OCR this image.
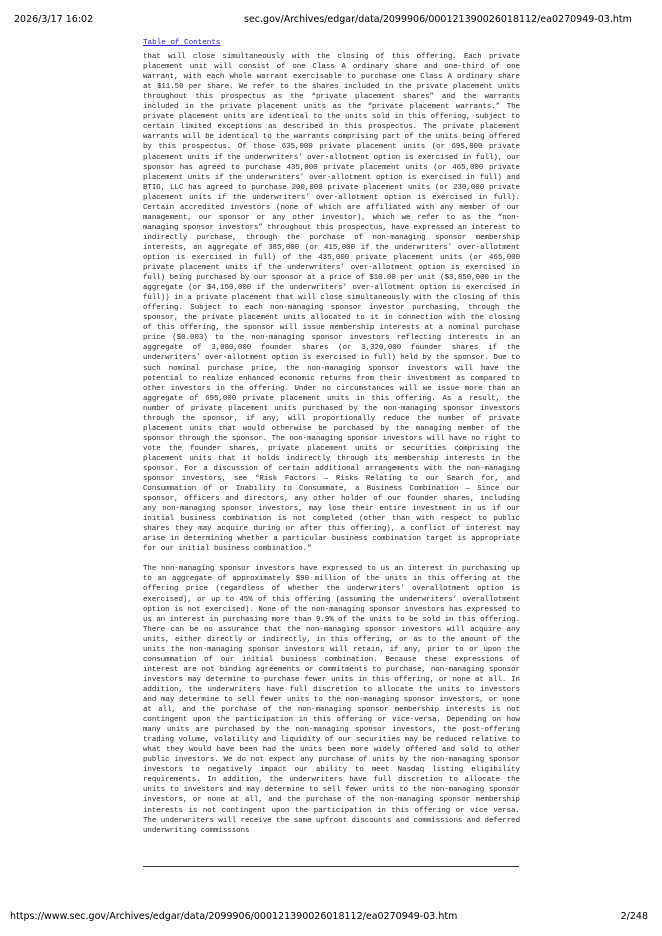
2026/3/17 16:02	sec.gov/Archives/edgar/data/2099906/000121390026018112/ea0270949-03.htm
Table of Contents

that will close simultaneously with the closing of this offering. Each private placement unit will consist of one Class A ordinary share and one-third of one warrant, with each whole warrant exercisable to purchase one Class A ordinary share at $11.50 per share. We refer to the shares included in the private placement units throughout this prospectus as the “private placement shares” and the warrants included in the private placement units as the “private placement warrants.” The private placement units are identical to the units sold in this offering, subject to certain limited exceptions as described in this prospectus. The private placement warrants will be identical to the warrants comprising part of the units being offered by this prospectus. Of those 635,000 private placement units (or 695,000 private placement units if the underwriters’ over-allotment option is exercised in full), our sponsor has agreed to purchase 435,000 private placement units (or 465,000 private placement units if the underwriters’ over-allotment option is exercised in full) and BTIG, LLC has agreed to purchase 200,000 private placement units (or 230,000 private placement units if the underwriters’ over-allotment option is exercised in full). Certain accredited investors (none of which are affiliated with any member of our management, our sponsor or any other investor), which we refer to as the “non-managing sponsor investors” throughout this prospectus, have expressed an interest to indirectly purchase, through the purchase of non-managing sponsor membership interests, an aggregate of 385,000 (or 415,000 if the underwriters’ over-allotment option is exercised in full) of the 435,000 private placement units (or 465,000 private placement units if the underwriters’ over-allotment option is exercised in full) being purchased by our sponsor at a price of $10.00 per unit ($3,850,000 in the aggregate (or $4,150,000 if the underwriters’ over-allotment option is exercised in full)) in a private placement that will close simultaneously with the closing of this offering. Subject to each non-managing sponsor investor purchasing, through the sponsor, the private placement units allocated to it in connection with the closing of this offering, the sponsor will issue membership interests at a nominal purchase price ($0.003) to the non-managing sponsor investors reflecting interests in an aggregate of 3,080,000 founder shares (or 3,320,000 founder shares if the underwriters’ over-allotment option is exercised in full) held by the sponsor. Due to such nominal purchase price, the non-managing sponsor investors will have the potential to realize enhanced economic returns from their investment as compared to other investors in the offering. Under no circumstances will we issue more than an aggregate of 695,000 private placement units in this offering. As a result, the number of private placement units purchased by the non-managing sponsor investors through the sponsor, if any, will proportionally reduce the number of private placement units that would otherwise be purchased by the managing member of the sponsor through the sponsor. The non-managing sponsor investors will have no right to vote the founder shares, private placement units or securities comprising the placement units that it holds indirectly through its membership interests in the sponsor. For a discussion of certain additional arrangements with the non-managing sponsor investors, see “Risk Factors — Risks Relating to our Search for, and Consummation of or Inability to Consummate, a Business Combination — Since our sponsor, officers and directors, any other holder of our founder shares, including any non-managing sponsor investors, may lose their entire investment in us if our initial business combination is not completed (other than with respect to public shares they may acquire during or after this offering), a conflict of interest may arise in determining whether a particular business combination target is appropriate for our initial business combination.”

The non-managing sponsor investors have expressed to us an interest in purchasing up to an aggregate of approximately $90 million of the units in this offering at the offering price (regardless of whether the underwriters’ overallotment option is exercised), or up to 45% of this offering (assuming the underwriters’ overallotment option is not exercised). None of the non-managing sponsor investors has expressed to us an interest in purchasing more than 9.9% of the units to be sold in this offering. There can be no assurance that the non-managing sponsor investors will acquire any units, either directly or indirectly, in this offering, or as to the amount of the units the non-managing sponsor investors will retain, if any, prior to or upon the consummation of our initial business combination. Because these expressions of interest are not binding agreements or commitments to purchase, non-managing sponsor investors may determine to purchase fewer units in this offering, or none at all. In addition, the underwriters have full discretion to allocate the units to investors and may determine to sell fewer units to the non-managing sponsor investors, or none at all, and the purchase of the non-managing sponsor membership interests is not contingent upon the participation in this offering or vice-versa. Depending on how many units are purchased by the non-managing sponsor investors, the post-offering trading volume, volatility and liquidity of our securities may be reduced relative to what they would have been had the units been more widely offered and sold to other public investors. We do not expect any purchase of units by the non-managing sponsor investors to negatively impact our ability to meet Nasdaq listing eligibility requirements. In addition, the underwriters have full discretion to allocate the units to investors and may determine to sell fewer units to the non-managing sponsor investors, or none at all, and the purchase of the non-managing sponsor membership interests is not contingent upon the participation in this offering or vice versa. The underwriters will receive the same upfront discounts and commissions and deferred underwriting commissions

https://www.sec.gov/Archives/edgar/data/2099906/000121390026018112/ea0270949-03.htm	2/248
